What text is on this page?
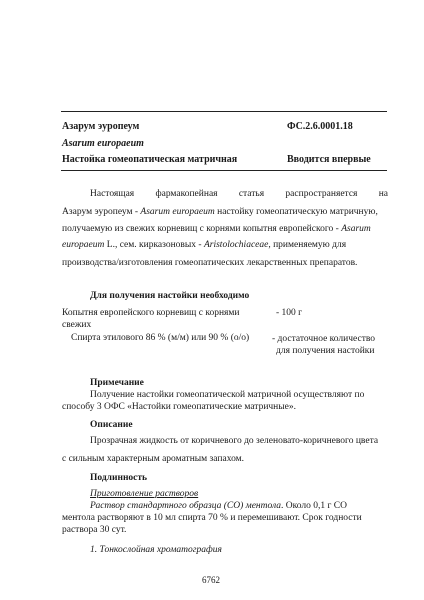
Азарум эуропеум	ФС.2.6.0001.18
Asarum europaeum
Настойка гомеопатическая матричная	Вводится впервые
Настоящая фармакопейная статья распространяется на
Азарум эуропеум - Asarum europaeum настойку гомеопатическую матричную,
получаемую из свежих корневищ с корнями копытня европейского - Asarum
europaeum L., сем. кирказоновых - Aristolochiaceae, применяемую для
производства/изготовления гомеопатических лекарственных препаратов.
Для получения настойки необходимо
Копытня европейского корневищ с корнями	- 100 г
свежих
Спирта этилового 86 % (м/м) или 90 % (о/о) - достаточное количество
для получения настойки
Примечание
Получение настойки гомеопатической матричной осуществляют по
способу 3 ОФС «Настойки гомеопатические матричные».
Описание
Прозрачная жидкость от коричневого до зеленовато-коричневого цвета
с сильным характерным ароматным запахом.
Подлинность
Приготовление растворов
Раствор стандартного образца (СО) ментола. Около 0,1 г СО
ментола растворяют в 10 мл спирта 70 % и перемешивают. Срок годности
раствора 30 сут.
1. Тонкослойная хроматография
6762
